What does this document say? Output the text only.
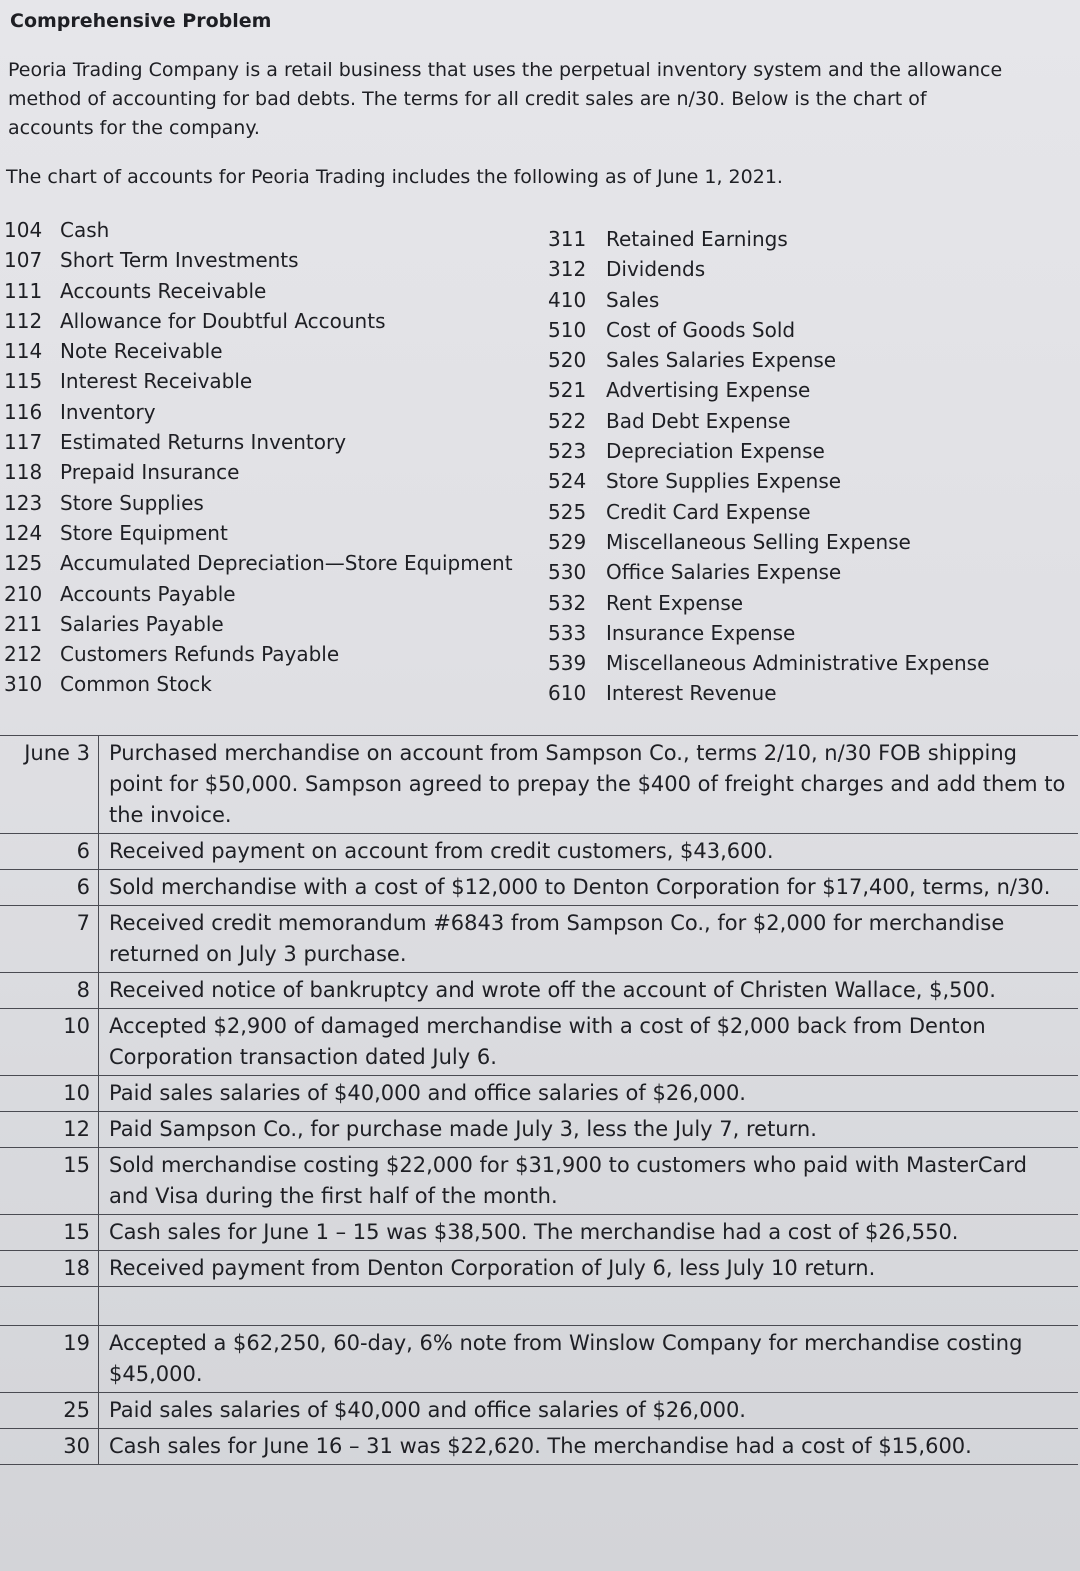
Comprehensive Problem
Peoria Trading Company is a retail business that uses the perpetual inventory system and the allowance method of accounting for bad debts. The terms for all credit sales are n/30. Below is the chart of accounts for the company.
The chart of accounts for Peoria Trading includes the following as of June 1, 2021.
104 Cash
107 Short Term Investments
111 Accounts Receivable
112 Allowance for Doubtful Accounts
114 Note Receivable
115 Interest Receivable
116 Inventory
117 Estimated Returns Inventory
118 Prepaid Insurance
123 Store Supplies
124 Store Equipment
125 Accumulated Depreciation—Store Equipment
210 Accounts Payable
211 Salaries Payable
212 Customers Refunds Payable
310 Common Stock
311 Retained Earnings
312 Dividends
410 Sales
510 Cost of Goods Sold
520 Sales Salaries Expense
521 Advertising Expense
522 Bad Debt Expense
523 Depreciation Expense
524 Store Supplies Expense
525 Credit Card Expense
529 Miscellaneous Selling Expense
530 Office Salaries Expense
532 Rent Expense
533 Insurance Expense
539 Miscellaneous Administrative Expense
610 Interest Revenue
June 3	Purchased merchandise on account from Sampson Co., terms 2/10, n/30 FOB shipping point for $50,000. Sampson agreed to prepay the $400 of freight charges and add them to the invoice.
6	Received payment on account from credit customers, $43,600.
6	Sold merchandise with a cost of $12,000 to Denton Corporation for $17,400, terms, n/30.
7	Received credit memorandum #6843 from Sampson Co., for $2,000 for merchandise returned on July 3 purchase.
8	Received notice of bankruptcy and wrote off the account of Christen Wallace, $,500.
10	Accepted $2,900 of damaged merchandise with a cost of $2,000 back from Denton Corporation transaction dated July 6.
10	Paid sales salaries of $40,000 and office salaries of $26,000.
12	Paid Sampson Co., for purchase made July 3, less the July 7, return.
15	Sold merchandise costing $22,000 for $31,900 to customers who paid with MasterCard and Visa during the first half of the month.
15	Cash sales for June 1 – 15 was $38,500. The merchandise had a cost of $26,550.
18	Received payment from Denton Corporation of July 6, less July 10 return.

19	Accepted a $62,250, 60-day, 6% note from Winslow Company for merchandise costing $45,000.
25	Paid sales salaries of $40,000 and office salaries of $26,000.
30	Cash sales for June 16 – 31 was $22,620. The merchandise had a cost of $15,600.
